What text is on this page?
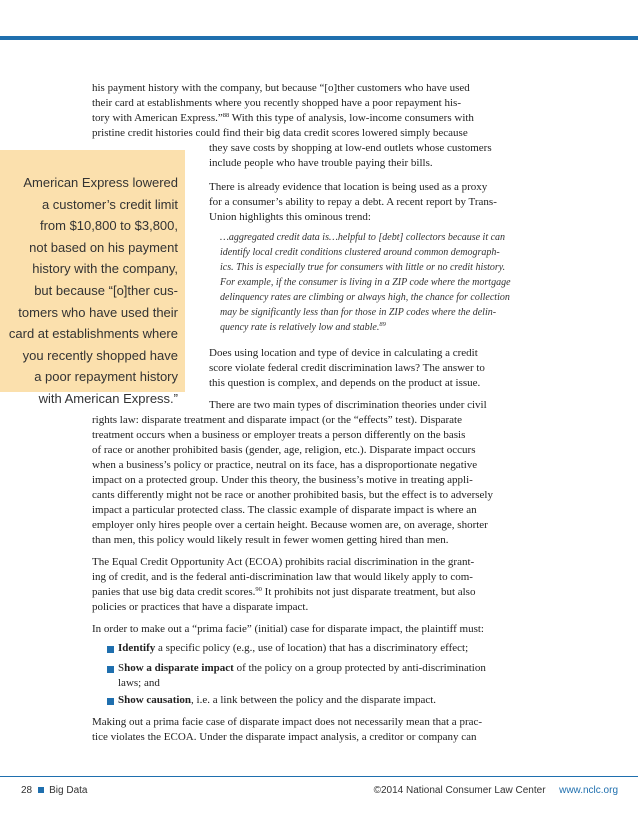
his payment history with the company, but because “[o]ther customers who have used

their card at establishments where you recently shopped have a poor repayment his-

tory with American Express.”$^{88}$ With this type of analysis, low-income consumers with

pristine credit histories could find their big data credit scores lowered simply because

they save costs by shopping at low-end outlets whose customers

include people who have trouble paying their bills.

American Express lowered
a customer’s credit limit
from $10,800 to $3,800,
not based on his payment
history with the company,
but because “[o]ther cus-
tomers who have used their
card at establishments where
you recently shopped have
a poor repayment history
with American Express.”

There is already evidence that location is being used as a proxy

for a consumer’s ability to repay a debt. A recent report by Trans-

Union highlights this ominous trend:

…aggregated credit data is…helpful to [debt] collectors because it can

identify local credit conditions clustered around common demograph-

ics. This is especially true for consumers with little or no credit history.

For example, if the consumer is living in a ZIP code where the mortgage

delinquency rates are climbing or always high, the chance for collection

may be significantly less than for those in ZIP codes where the delin-

quency rate is relatively low and stable.$^{89}$

Does using location and type of device in calculating a credit

score violate federal credit discrimination laws? The answer to

this question is complex, and depends on the product at issue.

There are two main types of discrimination theories under civil

rights law: disparate treatment and disparate impact (or the “effects” test). Disparate

treatment occurs when a business or employer treats a person differently on the basis

of race or another prohibited basis (gender, age, religion, etc.). Disparate impact occurs

when a business’s policy or practice, neutral on its face, has a disproportionate negative

impact on a protected group. Under this theory, the business’s motive in treating appli-

cants differently might not be race or another prohibited basis, but the effect is to adversely

impact a particular protected class. The classic example of disparate impact is where an

employer only hires people over a certain height. Because women are, on average, shorter

than men, this policy would likely result in fewer women getting hired than men.

The Equal Credit Opportunity Act (ECOA) prohibits racial discrimination in the grant-

ing of credit, and is the federal anti-discrimination law that would likely apply to com-

panies that use big data credit scores.$^{90}$ It prohibits not just disparate treatment, but also

policies or practices that have a disparate impact.

In order to make out a “prima facie” (initial) case for disparate impact, the plaintiff must:

Identify a specific policy (e.g., use of location) that has a discriminatory effect;

Show a disparate impact of the policy on a group protected by anti-discrimination

laws; and

Show causation, i.e. a link between the policy and the disparate impact.

Making out a prima facie case of disparate impact does not necessarily mean that a prac-

tice violates the ECOA. Under the disparate impact analysis, a creditor or company can

28 Big Data	©2014 National Consumer Law Center www.nclc.org
